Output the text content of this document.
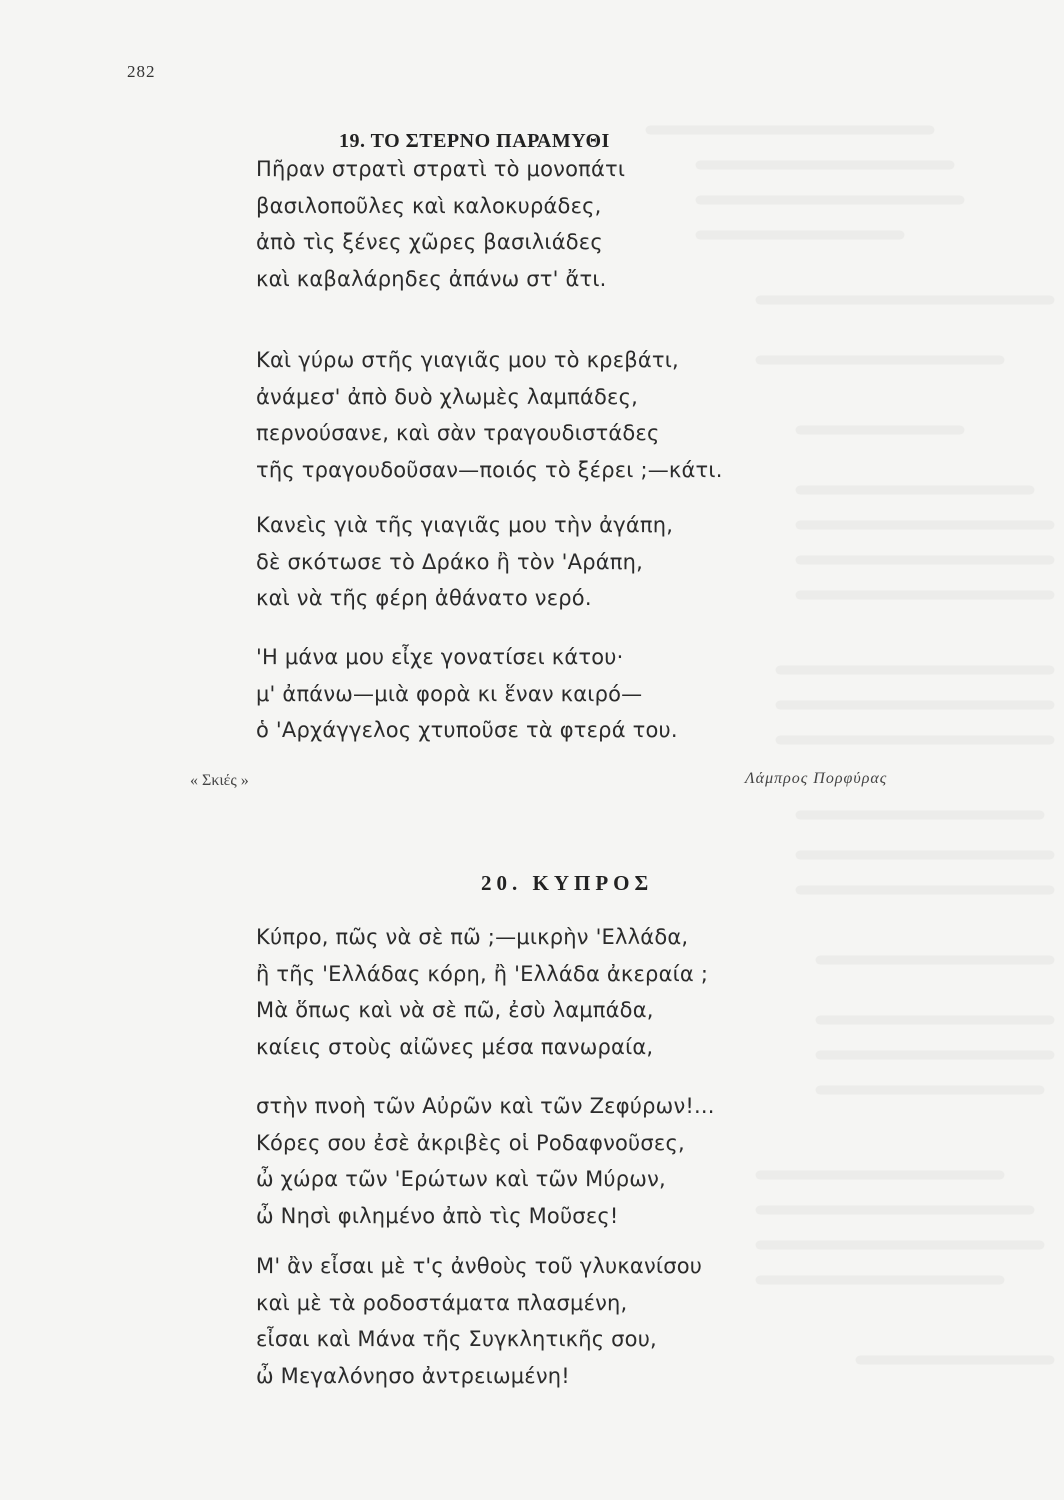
282
19. ΤΟ ΣΤΕΡΝΟ ΠΑΡΑΜΥΘΙ
Πῆραν στρατὶ στρατὶ τὸ μονοπάτι
βασιλοποῦλες καὶ καλοκυράδες,
ἀπὸ τὶς ξένες χῶρες βασιλιάδες
καὶ καβαλάρηδες ἀπάνω στ' ἄτι.
Καὶ γύρω στῆς γιαγιᾶς μου τὸ κρεβάτι,
ἀνάμεσ' ἀπὸ δυὸ χλωμὲς λαμπάδες,
περνούσανε, καὶ σὰν τραγουδιστάδες
τῆς τραγουδοῦσαν—ποιός τὸ ξέρει ;—κάτι.
Κανεὶς γιὰ τῆς γιαγιᾶς μου τὴν ἀγάπη,
δὲ σκότωσε τὸ Δράκο ἢ τὸν 'Αράπη,
καὶ νὰ τῆς φέρη ἀθάνατο νερό.
'Η μάνα μου εἶχε γονατίσει κάτου·
μ' ἀπάνω—μιὰ φορὰ κι ἕναν καιρό—
ὁ 'Αρχάγγελος χτυποῦσε τὰ φτερά του.
« Σκιές »	Λάμπρος Πορφύρας
20. ΚΥΠΡΟΣ
Κύπρο, πῶς νὰ σὲ πῶ ;—μικρὴν 'Ελλάδα,
ἢ τῆς 'Ελλάδας κόρη, ἢ 'Ελλάδα ἀκεραία ;
Μὰ ὅπως καὶ νὰ σὲ πῶ, ἐσὺ λαμπάδα,
καίεις στοὺς αἰῶνες μέσα πανωραία,
στὴν πνοὴ τῶν Αὐρῶν καὶ τῶν Ζεφύρων!...
Κόρες σου ἐσὲ ἀκριβὲς οἱ Ροδαφνοῦσες,
ὦ χώρα τῶν 'Ερώτων καὶ τῶν Μύρων,
ὦ Νησὶ φιλημένο ἀπὸ τὶς Μοῦσες!
Μ' ἂν εἶσαι μὲ τ'ς ἀνθοὺς τοῦ γλυκανίσου
καὶ μὲ τὰ ροδοστάματα πλασμένη,
εἶσαι καὶ Μάνα τῆς Συγκλητικῆς σου,
ὦ Μεγαλόνησο ἀντρειωμένη!
